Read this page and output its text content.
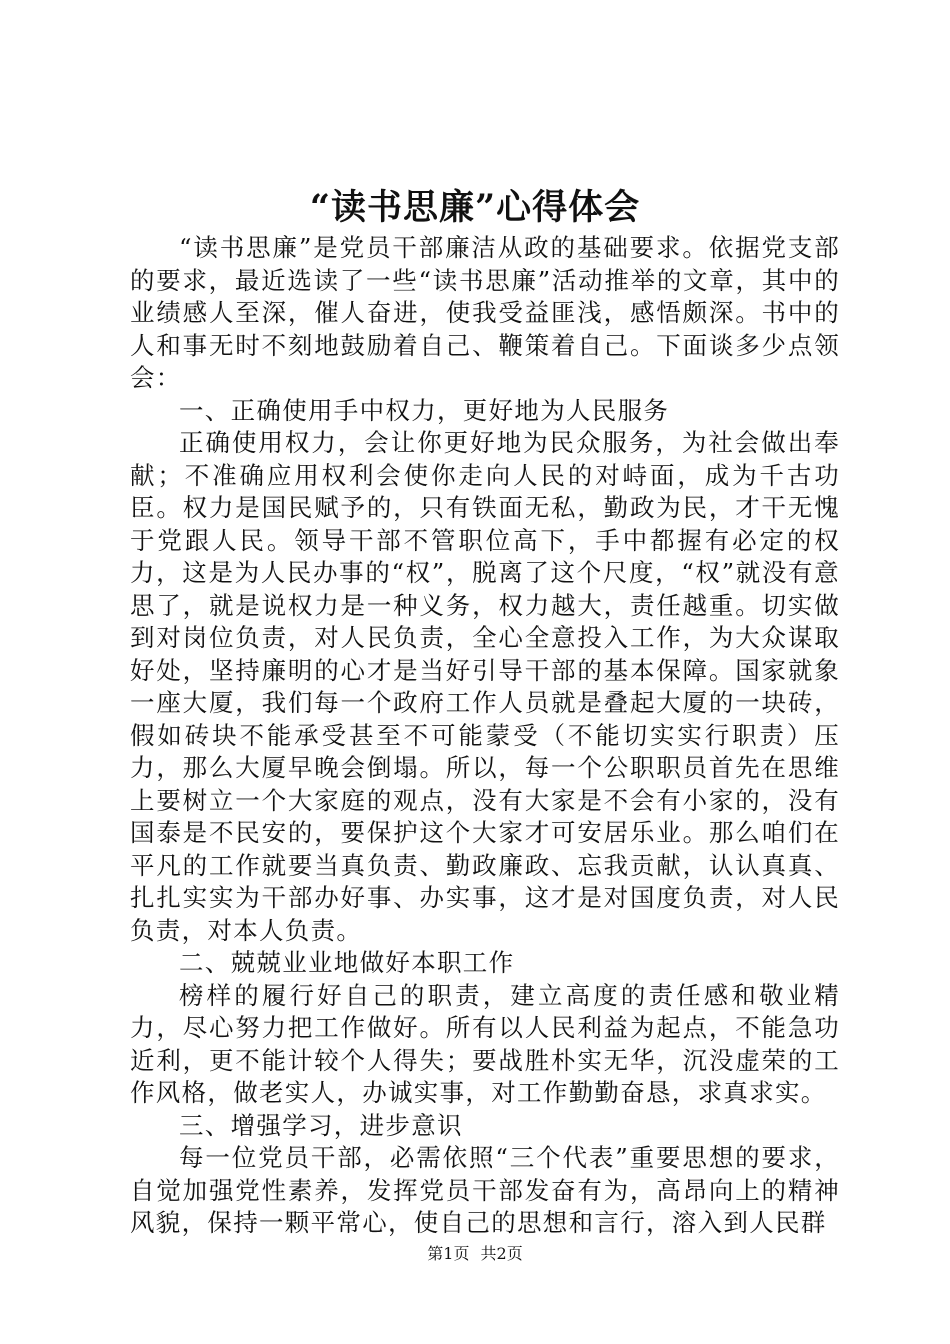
“读书思廉”心得体会

“读书思廉”是党员干部廉洁从政的基础要求。依据党支部的要求，最近选读了一些“读书思廉”活动推举的文章，其中的业绩感人至深，催人奋进，使我受益匪浅，感悟颇深。书中的人和事无时不刻地鼓励着自己、鞭策着自己。下面谈多少点领会：

一、正确使用手中权力，更好地为人民服务

正确使用权力，会让你更好地为民众服务，为社会做出奉献；不准确应用权利会使你走向人民的对峙面，成为千古功臣。权力是国民赋予的，只有铁面无私，勤政为民，才干无愧于党跟人民。领导干部不管职位高下，手中都握有必定的权力，这是为人民办事的“权”，脱离了这个尺度，“权”就没有意思了，就是说权力是一种义务，权力越大，责任越重。切实做到对岗位负责，对人民负责，全心全意投入工作，为大众谋取好处，坚持廉明的心才是当好引导干部的基本保障。国家就象一座大厦，我们每一个政府工作人员就是叠起大厦的一块砖，假如砖块不能承受甚至不可能蒙受（不能切实实行职责）压力，那么大厦早晚会倒塌。所以，每一个公职职员首先在思维上要树立一个大家庭的观点，没有大家是不会有小家的，没有国泰是不民安的，要保护这个大家才可安居乐业。那么咱们在平凡的工作就要当真负责、勤政廉政、忘我贡献，认认真真、扎扎实实为干部办好事、办实事，这才是对国度负责，对人民负责，对本人负责。

二、兢兢业业地做好本职工作

榜样的履行好自己的职责，建立高度的责任感和敬业精力，尽心努力把工作做好。所有以人民利益为起点，不能急功近利，更不能计较个人得失；要战胜朴实无华，沉没虚荣的工作风格，做老实人，办诚实事，对工作勤勤奋恳，求真求实。

三、增强学习，进步意识

每一位党员干部，必需依照“三个代表”重要思想的要求，自觉加强党性素养，发挥党员干部发奋有为，高昂向上的精神风貌，保持一颗平常心，使自己的思想和言行，溶入到人民群

第1页 共2页
